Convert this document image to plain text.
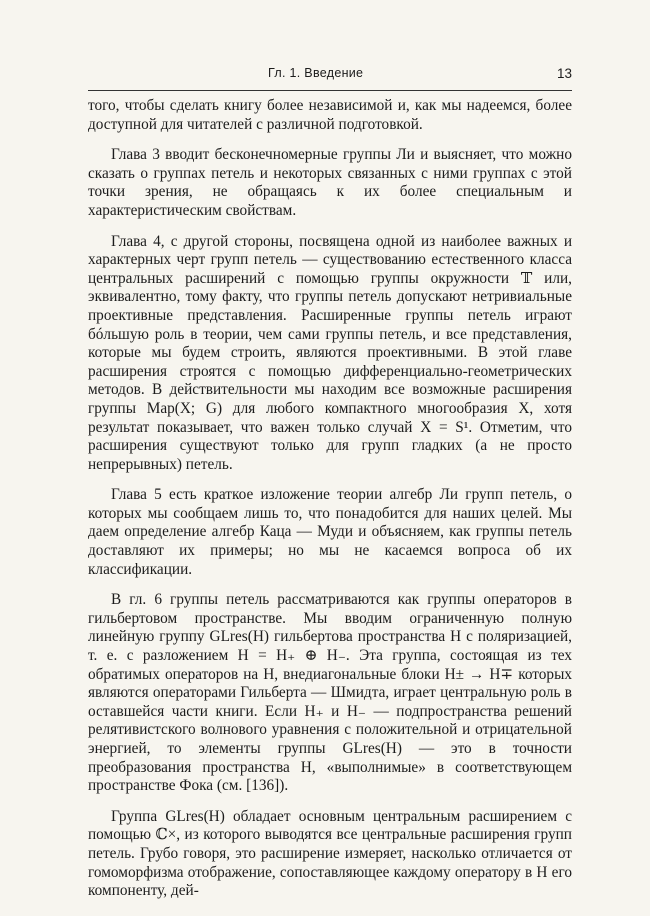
Гл. 1. Введение	13

того, чтобы сделать книгу более независимой и, как мы надеемся, более доступной для читателей с различной подготовкой.

Глава 3 вводит бесконечномерные группы Ли и выясняет, что можно сказать о группах петель и некоторых связанных с ними группах с этой точки зрения, не обращаясь к их более специальным и характеристическим свойствам.

Глава 4, с другой стороны, посвящена одной из наиболее важных и характерных черт групп петель — существованию естественного класса центральных расширений с помощью группы окружности 𝕋 или, эквивалентно, тому факту, что группы петель допускают нетривиальные проективные представления. Расширенные группы петель играют бóльшую роль в теории, чем сами группы петель, и все представления, которые мы будем строить, являются проективными. В этой главе расширения строятся с помощью дифференциально-геометрических методов. В действительности мы находим все возможные расширения группы Map(X; G) для любого компактного многообразия X, хотя результат показывает, что важен только случай X = S¹. Отметим, что расширения существуют только для групп гладких (а не просто непрерывных) петель.

Глава 5 есть краткое изложение теории алгебр Ли групп петель, о которых мы сообщаем лишь то, что понадобится для наших целей. Мы даем определение алгебр Каца — Муди и объясняем, как группы петель доставляют их примеры; но мы не касаемся вопроса об их классификации.

В гл. 6 группы петель рассматриваются как группы операторов в гильбертовом пространстве. Мы вводим ограниченную полную линейную группу GLres(H) гильбертова пространства H с поляризацией, т. е. с разложением H = H₊ ⊕ H₋. Эта группа, состоящая из тех обратимых операторов на H, внедиагональные блоки H± → H∓ которых являются операторами Гильберта — Шмидта, играет центральную роль в оставшейся части книги. Если H₊ и H₋ — подпространства решений релятивистского волнового уравнения с положительной и отрицательной энергией, то элементы группы GLres(H) — это в точности преобразования пространства H, «выполнимые» в соответствующем пространстве Фока (см. [136]).

Группа GLres(H) обладает основным центральным расширением с помощью ℂ×, из которого выводятся все центральные расширения групп петель. Грубо говоря, это расширение измеряет, насколько отличается от гомоморфизма отображение, сопоставляющее каждому оператору в H его компоненту, дей-
